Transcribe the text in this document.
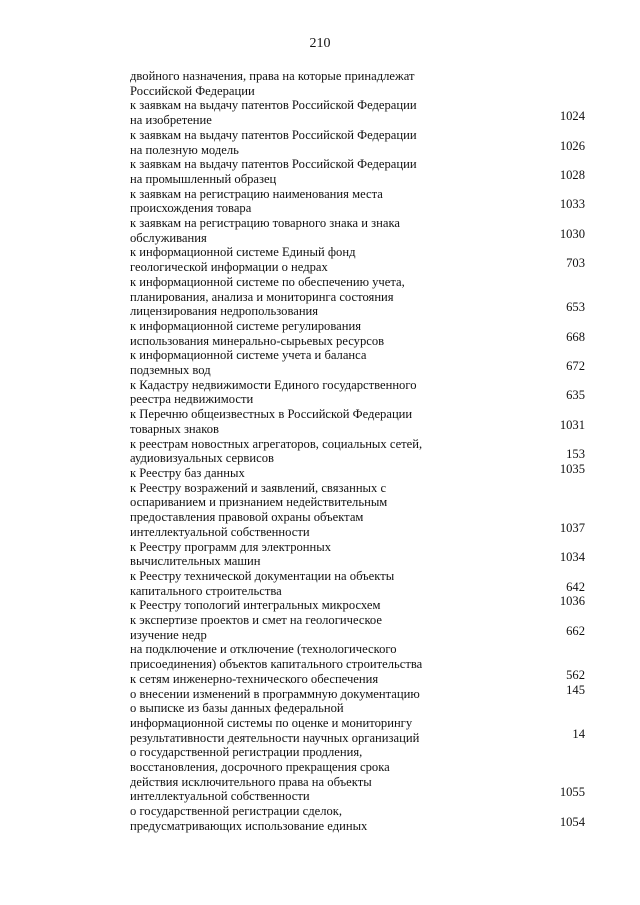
210
двойного назначения, права на которые принадлежат
Российской Федерации
к заявкам на выдачу патентов Российской Федерации
на изобретение	1024
к заявкам на выдачу патентов Российской Федерации
на полезную модель	1026
к заявкам на выдачу патентов Российской Федерации
на промышленный образец	1028
к заявкам на регистрацию наименования места
происхождения товара	1033
к заявкам на регистрацию товарного знака и знака
обслуживания	1030
к информационной системе Единый фонд
геологической информации о недрах	703
к информационной системе по обеспечению учета,
планирования, анализа и мониторинга состояния
лицензирования недропользования	653
к информационной системе регулирования
использования минерально-сырьевых ресурсов	668
к информационной системе учета и баланса
подземных вод	672
к Кадастру недвижимости Единого государственного
реестра недвижимости	635
к Перечню общеизвестных в Российской Федерации
товарных знаков	1031
к реестрам новостных агрегаторов, социальных сетей,
аудиовизуальных сервисов	153
к Реестру баз данных	1035
к Реестру возражений и заявлений, связанных с
оспариванием и признанием недействительным
предоставления правовой охраны объектам
интеллектуальной собственности	1037
к Реестру программ для электронных
вычислительных машин	1034
к Реестру технической документации на объекты
капитального строительства	642
к Реестру топологий интегральных микросхем	1036
к экспертизе проектов и смет на геологическое
изучение недр	662
на подключение и отключение (технологического
присоединения) объектов капитального строительства
к сетям инженерно-технического обеспечения	562
о внесении изменений в программную документацию	145
о выписке из базы данных федеральной
информационной системы по оценке и мониторингу
результативности деятельности научных организаций	14
о государственной регистрации продления,
восстановления, досрочного прекращения срока
действия исключительного права на объекты
интеллектуальной собственности	1055
о государственной регистрации сделок,
предусматривающих использование единых	1054
